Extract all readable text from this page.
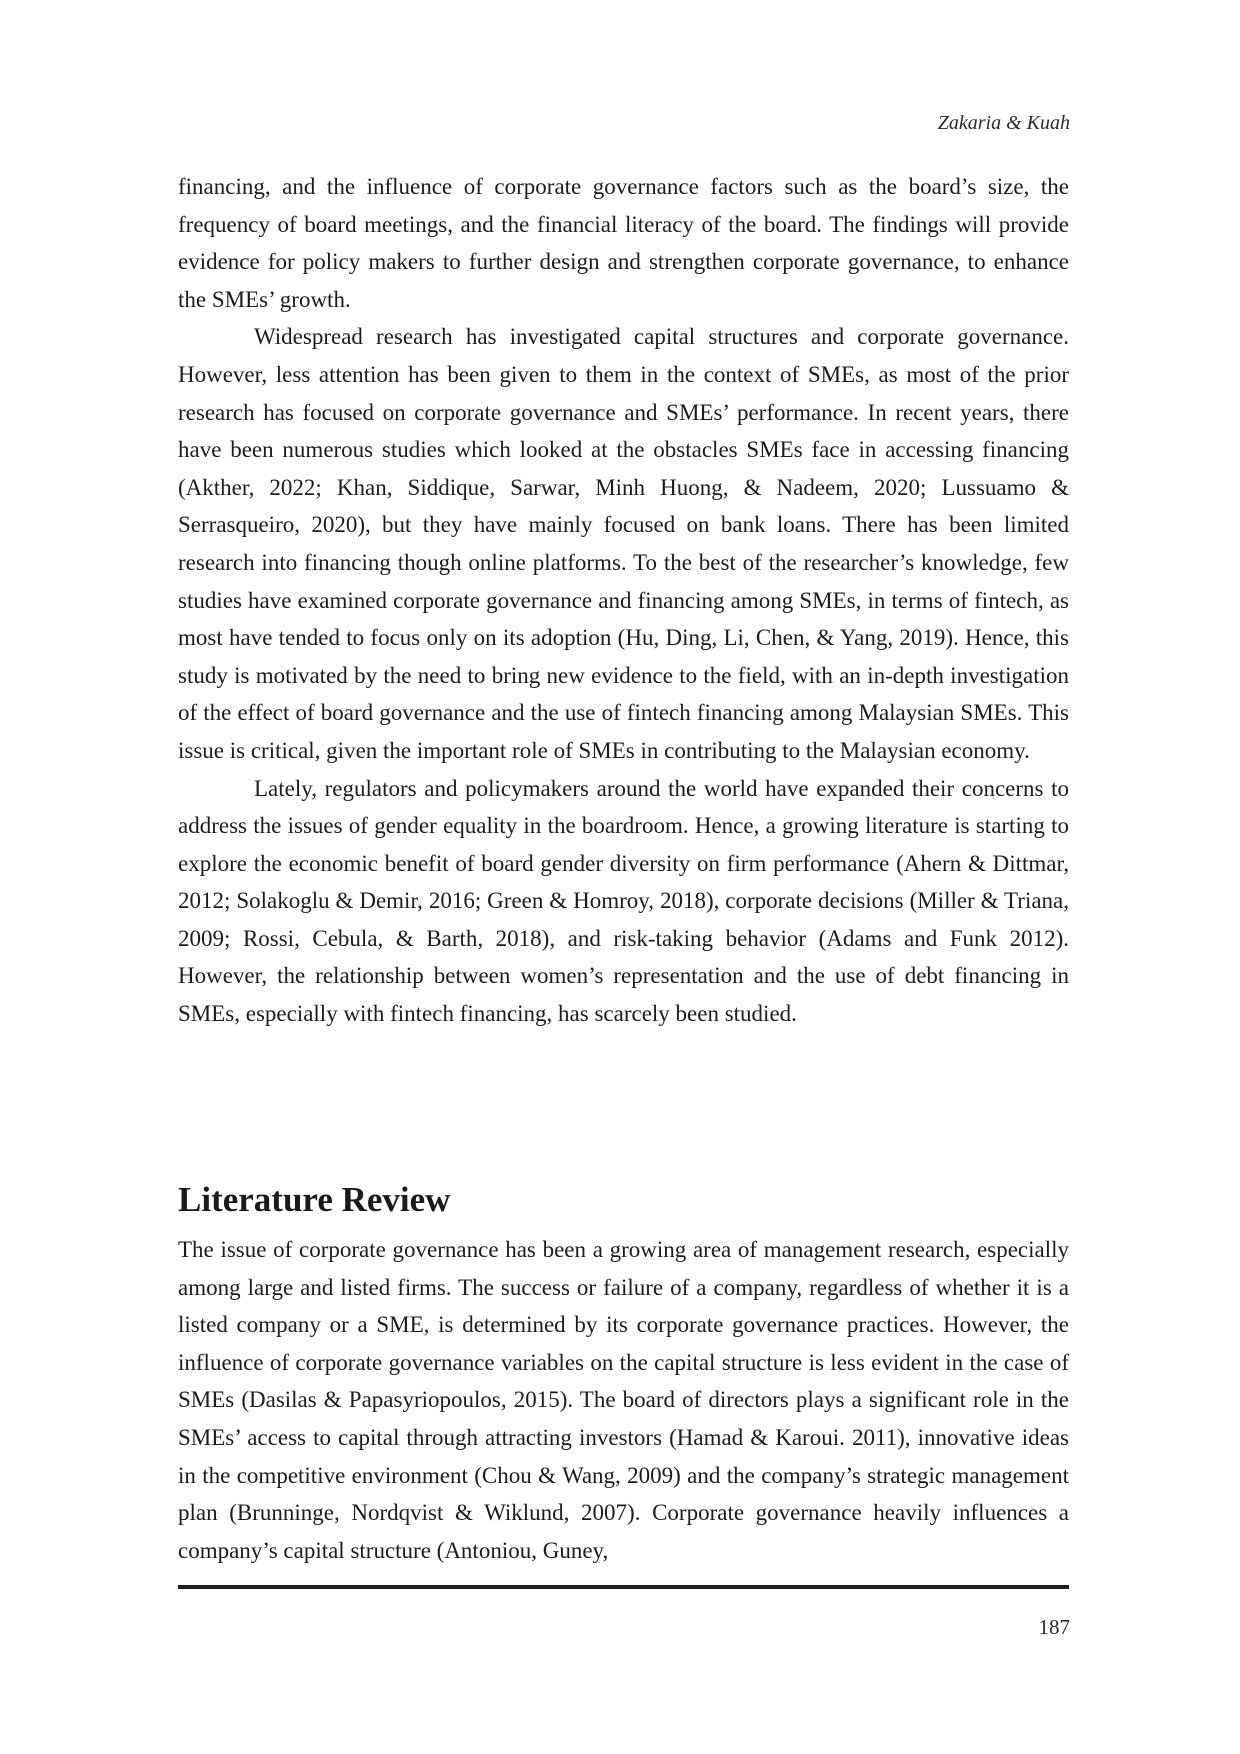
Zakaria & Kuah

financing, and the influence of corporate governance factors such as the board’s size, the frequency of board meetings, and the financial literacy of the board. The findings will provide evidence for policy makers to further design and strengthen corporate governance, to enhance the SMEs’ growth.

Widespread research has investigated capital structures and corporate governance. However, less attention has been given to them in the context of SMEs, as most of the prior research has focused on corporate governance and SMEs’ performance. In recent years, there have been numerous studies which looked at the obstacles SMEs face in accessing financing (Akther, 2022; Khan, Siddique, Sarwar, Minh Huong, & Nadeem, 2020; Lussuamo & Serrasqueiro, 2020), but they have mainly focused on bank loans. There has been limited research into financing though online platforms. To the best of the researcher’s knowledge, few studies have examined corporate governance and financing among SMEs, in terms of fintech, as most have tended to focus only on its adoption (Hu, Ding, Li, Chen, & Yang, 2019). Hence, this study is motivated by the need to bring new evidence to the field, with an in-depth investigation of the effect of board governance and the use of fintech financing among Malaysian SMEs. This issue is critical, given the important role of SMEs in contributing to the Malaysian economy.

Lately, regulators and policymakers around the world have expanded their concerns to address the issues of gender equality in the boardroom. Hence, a growing literature is starting to explore the economic benefit of board gender diversity on firm performance (Ahern & Dittmar, 2012; Solakoglu & Demir, 2016; Green & Homroy, 2018), corporate decisions (Miller & Triana, 2009; Rossi, Cebula, & Barth, 2018), and risk-taking behavior (Adams and Funk 2012). However, the relationship between women’s representation and the use of debt financing in SMEs, especially with fintech financing, has scarcely been studied.

Literature Review

The issue of corporate governance has been a growing area of management research, especially among large and listed firms. The success or failure of a company, regardless of whether it is a listed company or a SME, is determined by its corporate governance practices. However, the influence of corporate governance variables on the capital structure is less evident in the case of SMEs (Dasilas & Papasyriopoulos, 2015). The board of directors plays a significant role in the SMEs’ access to capital through attracting investors (Hamad & Karoui. 2011), innovative ideas in the competitive environment (Chou & Wang, 2009) and the company’s strategic management plan (Brunninge, Nordqvist & Wiklund, 2007). Corporate governance heavily influences a company’s capital structure (Antoniou, Guney,

187
